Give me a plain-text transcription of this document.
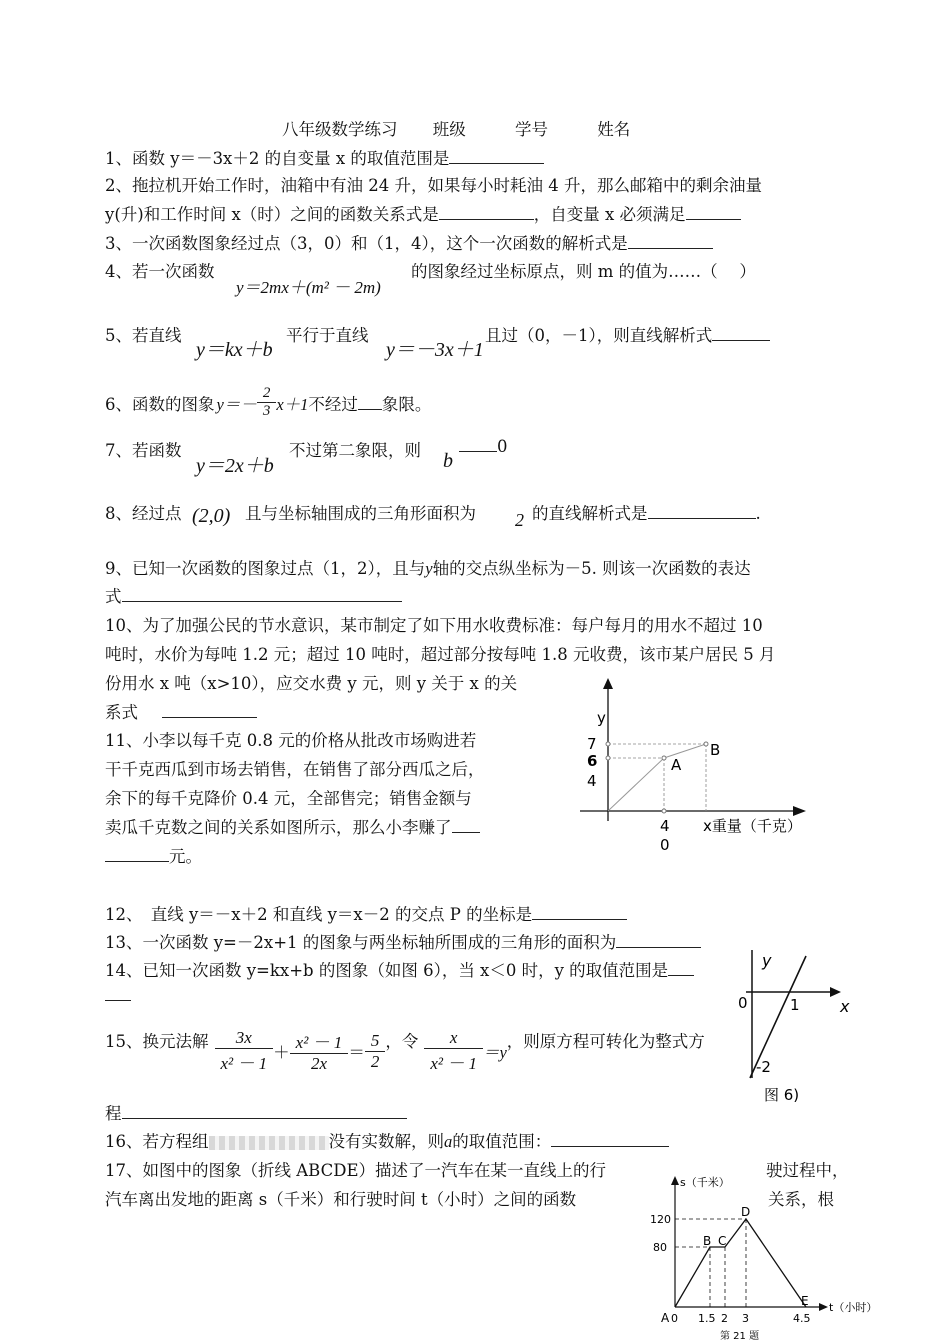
八年级数学练习 班级	学号	姓名
1、函数 y＝－3x＋2 的自变量 x 的取值范围是
2、拖拉机开始工作时，油箱中有油 24 升，如果每小时耗油 4 升，那么邮箱中的剩余油量
y(升)和工作时间 x（时）之间的函数关系式是	，自变量 x 必须满足
3、一次函数图象经过点（3，0）和（1，4），这个一次函数的解析式是
4、若一次函数
y＝2mx＋(m² － 2m)
的图象经过坐标原点，则 m 的值为……（　 ）
5、若直线
y＝kx＋b
平行于直线
y＝－3x＋1
且过（0，－1），则直线解析式
6、函数的图象 $y=- \frac{2}{3} x+1$ 不经过 象限。
7、若函数
y＝2x＋b
不过第二象限，则 b
0
8、经过点 (2,0) 且与坐标轴围成的三角形面积为 2 的直线解析式是	.
9、已知一次函数的图象过点（1，2），且与y轴的交点纵坐标为－5. 则该一次函数的表达
式
10、为了加强公民的节水意识，某市制定了如下用水收费标准：每户每月的用水不超过 10
吨时，水价为每吨 1.2 元；超过 10 吨时，超过部分按每吨 1.8 元收费，该市某户居民 5 月
份用水 x 吨（x>10），应交水费 y 元，则 y 关于 x 的关
系式
11、小李以每千克 0.8 元的价格从批改市场购进若
干千克西瓜到市场去销售，在销售了部分西瓜之后，
余下的每千克降价 0.4 元，全部售完；销售金额与
卖瓜千克数之间的关系如图所示，那么小李赚了
元。
y
7
6
4
A
B
4
0
x重量（千克）
12、　直线 y＝－x＋2 和直线 y＝x－2 的交点 P 的坐标是
13、一次函数 y=－2x+1 的图象与两坐标轴所围成的三角形的面积为
14、已知一次函数 y=kx+b 的图象（如图 6），当 x＜0 时，y 的取值范围是
y
0	1	x
-2
图 6)
15、换元法解 $\frac{3x}{\text{x² － 1}} + \frac{\text{x² － 1}}{2x} = \frac{5}{2}$ ，令 $\frac{x}{\text{x² － 1}} =y$
，则原方程可转化为整式方
程
16、若方程组	没有实数解，则a的取值范围：
17、如图中的图象（折线 ABCDE）描述了一汽车在某一直线上的行	驶过程中，
汽车离出发地的距离 s（千米）和行驶时间 t（小时）之间的函数	关系，根
s（千米）
120
80	B C
D
E
A 0 1.5 2 3	4.5
t（小时）
第 21 题
